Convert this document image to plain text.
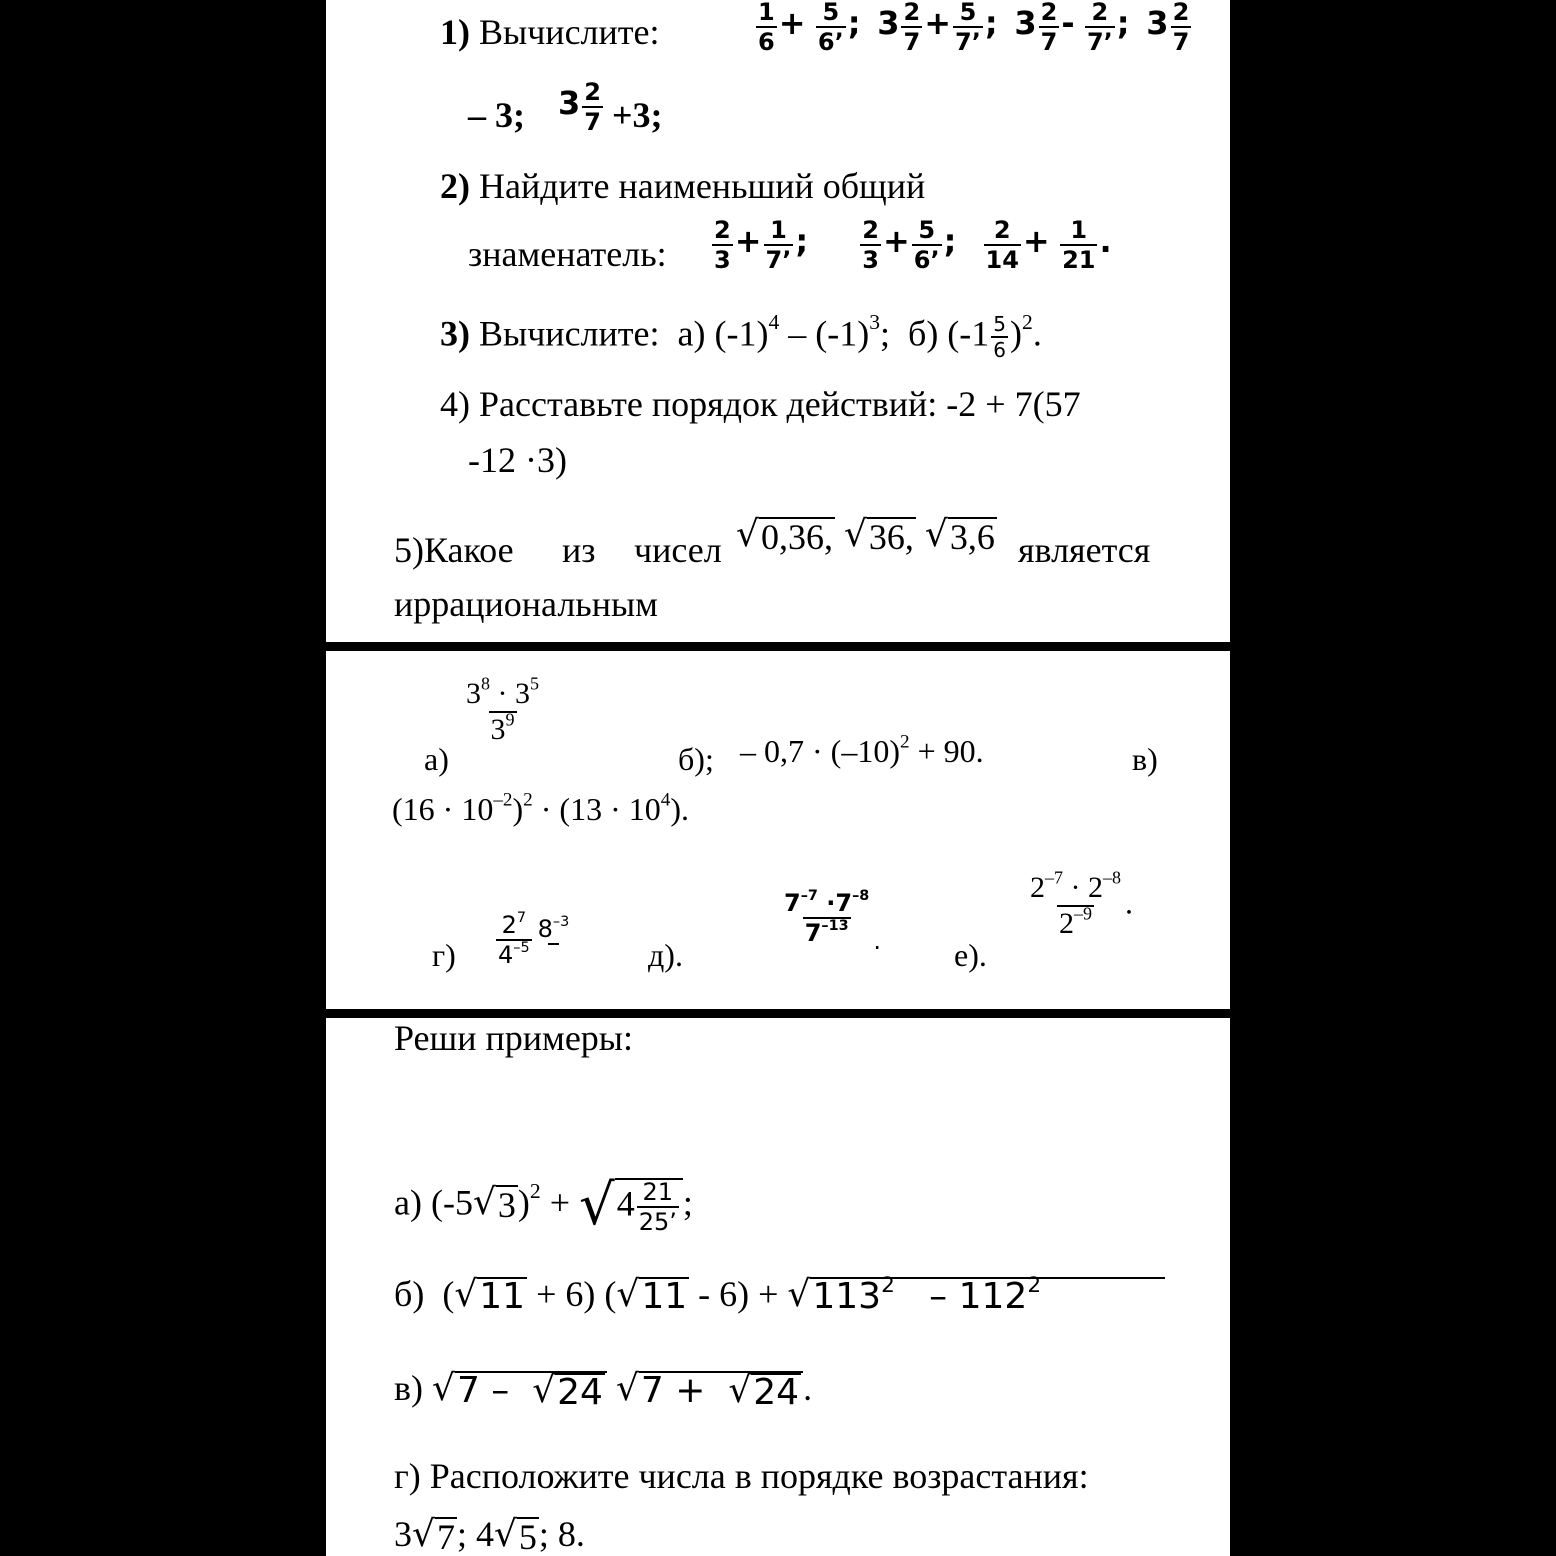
1) Вычислите:	$\frac{1}{6} + \frac{5}{6’}$ ; $3 \frac{2}{7} + \frac{5}{7’}$ ; $3 \frac{2}{7} - \frac{2}{7’}$ ; $3 \frac{2}{7}$
– 3; $3 \frac{2}{7} +3$;
2) Найдите наименьший общий
знаменатель: $\frac{2}{3} + \frac{1}{7’}$ ; $\frac{2}{3} + \frac{5}{6’}$ ; $\frac{2}{14} + \frac{1}{21}$ .
3) Вычислите:  а) $(-1)^4 - (-1)^3$;  б) $(-1 \frac{5}{6} )^2$.
4) Расставьте порядок действий: -2 + 7(57
-12 ·3)
5)Какое из чисел √ 0,36,
√ 36,
√ 3,6 является
иррациональным
а)
$\frac{3^8 \cdot 3^5}{3^9}$
б); – $0,7 \cdot (-10)^2 + 90$.	в)
$(16 \cdot 10^{-2})^2 \cdot (13 \cdot 10^4)$.
$г) \frac{2^7}{4^{-5}} 8^{-3}$

д).
$\frac{7^{-7} \cdot 7^{-8}}{7^{-13}}$ . е).
$\frac{2^{-7} \cdot 2^{-8}}{2^{-9}}$ .
Реши примеры:
а) (-5 √ 3 )$^2$ + √ $4 \frac{21}{25’}$ ;
б)  ( √ 11 + 6) ( √ 11 - 6) + √ $113^2 - 112^2$
в) √ 7 – √ 24
√ 7 + √ 24 .
г) Расположите числа в порядке возрастания:
3 √ 7 ; 4 √ 5 ; 8.
